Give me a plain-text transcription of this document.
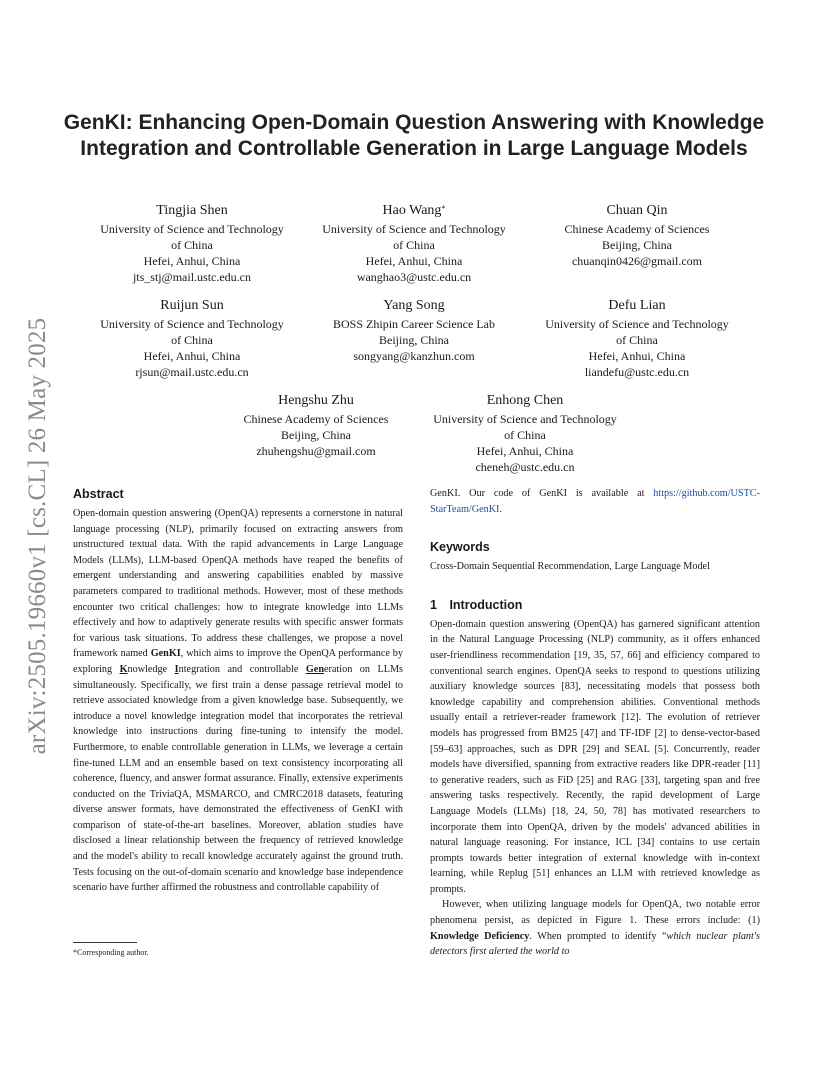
arXiv:2505.19660v1 [cs.CL] 26 May 2025
GenKI: Enhancing Open-Domain Question Answering with Knowledge Integration and Controllable Generation in Large Language Models
Tingjia Shen
University of Science and Technology
of China
Hefei, Anhui, China
jts_stj@mail.ustc.edu.cn
Hao Wang*
University of Science and Technology
of China
Hefei, Anhui, China
wanghao3@ustc.edu.cn
Chuan Qin
Chinese Academy of Sciences
Beijing, China
chuanqin0426@gmail.com
Ruijun Sun
University of Science and Technology
of China
Hefei, Anhui, China
rjsun@mail.ustc.edu.cn
Yang Song
BOSS Zhipin Career Science Lab
Beijing, China
songyang@kanzhun.com
Defu Lian
University of Science and Technology
of China
Hefei, Anhui, China
liandefu@ustc.edu.cn
Hengshu Zhu
Chinese Academy of Sciences
Beijing, China
zhuhengshu@gmail.com
Enhong Chen
University of Science and Technology
of China
Hefei, Anhui, China
cheneh@ustc.edu.cn
Abstract

Open-domain question answering (OpenQA) represents a cornerstone in natural language processing (NLP), primarily focused on extracting answers from unstructured textual data. With the rapid advancements in Large Language Models (LLMs), LLM-based OpenQA methods have reaped the benefits of emergent understanding and answering capabilities enabled by massive parameters compared to traditional methods. However, most of these methods encounter two critical challenges: how to integrate knowledge into LLMs effectively and how to adaptively generate results with specific answer formats for various task situations. To address these challenges, we propose a novel framework named GenKI, which aims to improve the OpenQA performance by exploring Knowledge Integration and controllable Generation on LLMs simultaneously. Specifically, we first train a dense passage retrieval model to retrieve associated knowledge from a given knowledge base. Subsequently, we introduce a novel knowledge integration model that incorporates the retrieval knowledge into instructions during fine-tuning to intensify the model. Furthermore, to enable controllable generation in LLMs, we leverage a certain fine-tuned LLM and an ensemble based on text consistency incorporating all coherence, fluency, and answer format assurance. Finally, extensive experiments conducted on the TriviaQA, MSMARCO, and CMRC2018 datasets, featuring diverse answer formats, have demonstrated the effectiveness of GenKI with comparison of state-of-the-art baselines. Moreover, ablation studies have disclosed a linear relationship between the frequency of retrieved knowledge and the model's ability to recall knowledge accurately against the ground truth. Tests focusing on the out-of-domain scenario and knowledge base independence scenario have further affirmed the robustness and controllable capability of

*Corresponding author.

GenKI. Our code of GenKI is available at https://github.com/USTC-StarTeam/GenKI.

Keywords

Cross-Domain Sequential Recommendation, Large Language Model

1 Introduction

Open-domain question answering (OpenQA) has garnered significant attention in the Natural Language Processing (NLP) community, as it offers enhanced user-friendliness recommendation [19, 35, 57, 66] and efficiency compared to conventional search engines. OpenQA seeks to respond to questions utilizing auxiliary knowledge sources [83], necessitating models that possess both knowledge capability and comprehension abilities. Conventional methods usually entail a retriever-reader framework [12]. The evolution of retriever models has progressed from BM25 [47] and TF-IDF [2] to dense-vector-based [59–63] approaches, such as DPR [29] and SEAL [5]. Concurrently, reader models have diversified, spanning from extractive readers like DPR-reader [11] to generative readers, such as FiD [25] and RAG [33], targeting span and free answering tasks respectively. Recently, the rapid development of Large Language Models (LLMs) [18, 24, 50, 78] has motivated researchers to incorporate them into OpenQA, driven by the models' advanced abilities in natural language reasoning. For instance, ICL [34] contains to use certain prompts towards better integration of external knowledge with in-context learning, while Replug [51] enhances an LLM with retrieved knowledge as prompts.

However, when utilizing language models for OpenQA, two notable error phenomena persist, as depicted in Figure 1. These errors include: (1) Knowledge Deficiency. When prompted to identify “which nuclear plant's detectors first alerted the world to
